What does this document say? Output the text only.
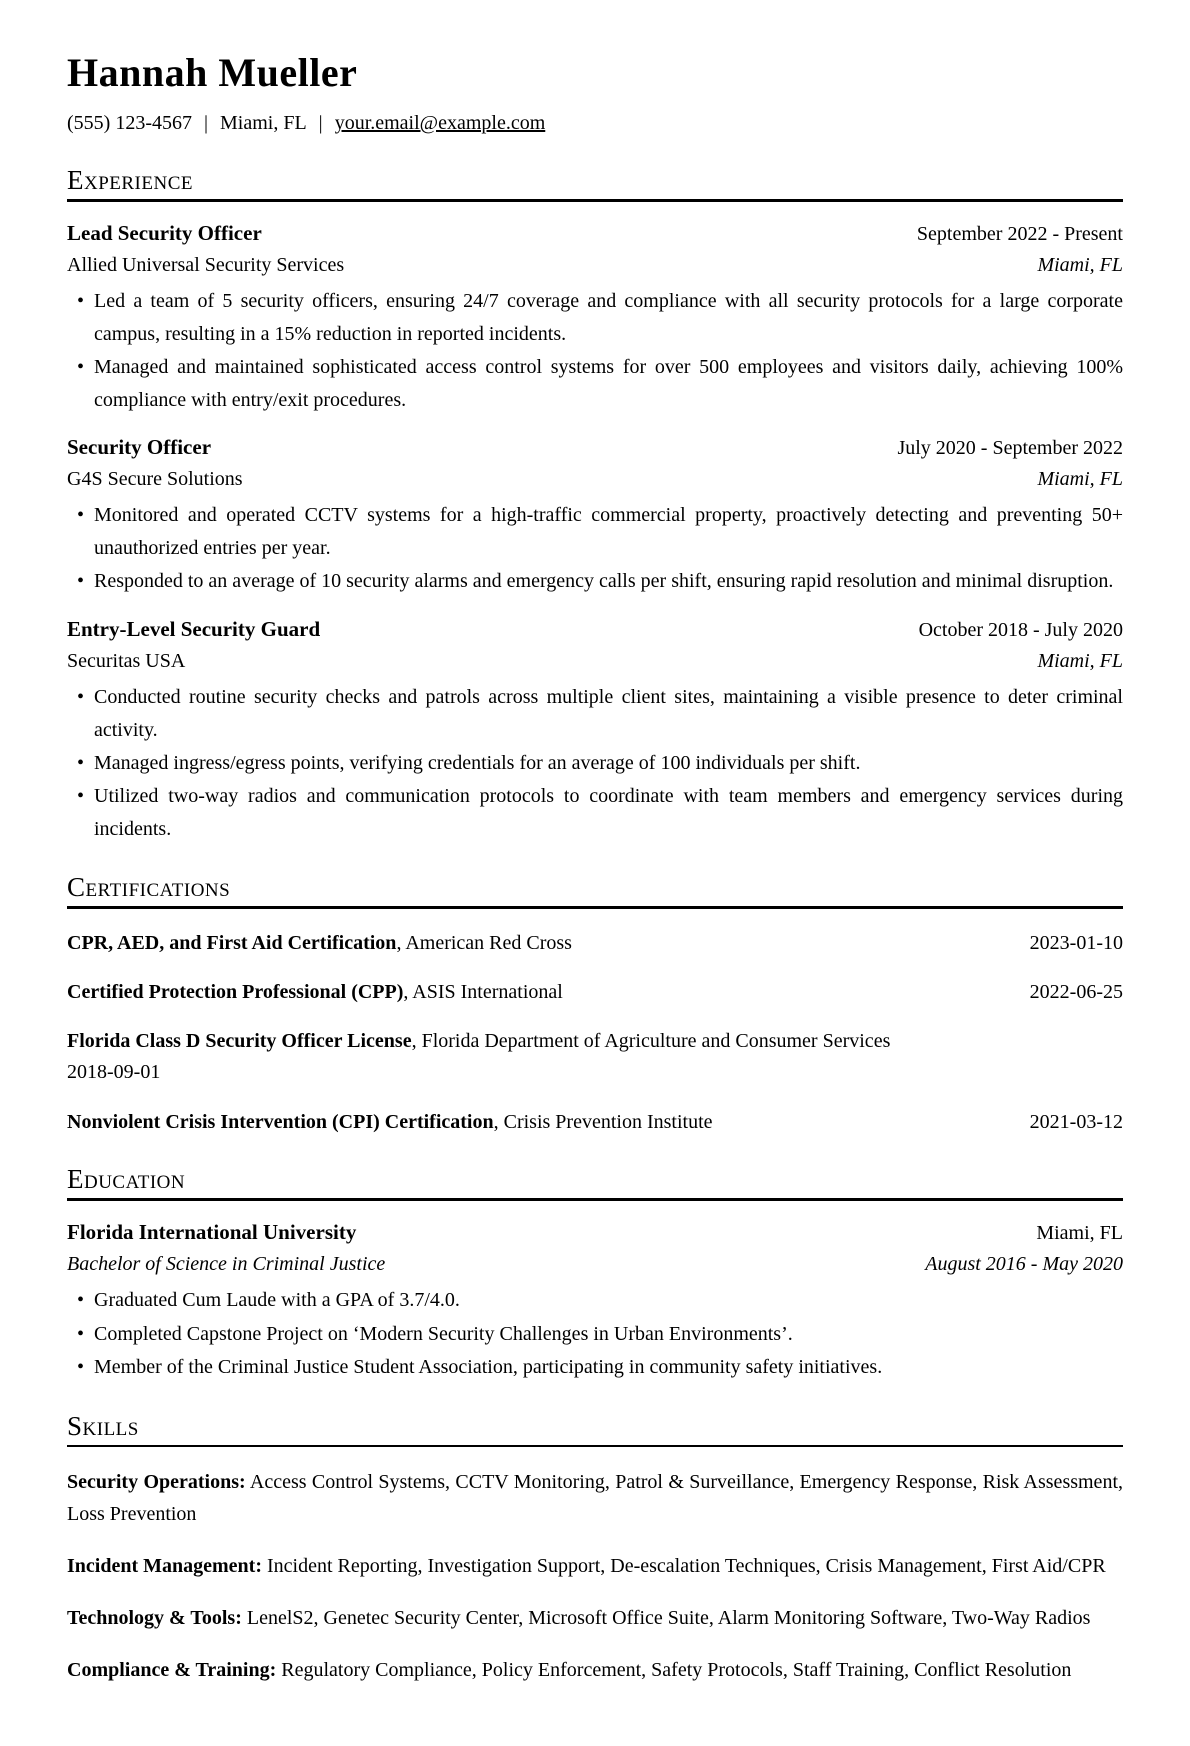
Hannah Mueller
(555) 123-4567 | Miami, FL | your.email@example.com
Experience
Lead Security Officer	September 2022 - Present
Allied Universal Security Services	Miami, FL
• Led a team of 5 security officers, ensuring 24/7 coverage and compliance with all security protocols for a large corporate campus, resulting in a 15% reduction in reported incidents.
• Managed and maintained sophisticated access control systems for over 500 employees and visitors daily, achieving 100% compliance with entry/exit procedures.
Security Officer	July 2020 - September 2022
G4S Secure Solutions	Miami, FL
• Monitored and operated CCTV systems for a high-traffic commercial property, proactively detecting and preventing 50+ unauthorized entries per year.
• Responded to an average of 10 security alarms and emergency calls per shift, ensuring rapid resolution and minimal disruption.
Entry-Level Security Guard	October 2018 - July 2020
Securitas USA	Miami, FL
• Conducted routine security checks and patrols across multiple client sites, maintaining a visible presence to deter criminal activity.
• Managed ingress/egress points, verifying credentials for an average of 100 individuals per shift.
• Utilized two-way radios and communication protocols to coordinate with team members and emergency services during incidents.
Certifications
CPR, AED, and First Aid Certification, American Red Cross	2023-01-10
Certified Protection Professional (CPP), ASIS International	2022-06-25
Florida Class D Security Officer License, Florida Department of Agriculture and Consumer Services
2018-09-01
Nonviolent Crisis Intervention (CPI) Certification, Crisis Prevention Institute	2021-03-12
Education
Florida International University	Miami, FL
Bachelor of Science in Criminal Justice	August 2016 - May 2020
• Graduated Cum Laude with a GPA of 3.7/4.0.
• Completed Capstone Project on ‘Modern Security Challenges in Urban Environments’.
• Member of the Criminal Justice Student Association, participating in community safety initiatives.
Skills

Security Operations: Access Control Systems, CCTV Monitoring, Patrol & Surveillance, Emergency Response, Risk Assessment, Loss Prevention

Incident Management: Incident Reporting, Investigation Support, De-escalation Techniques, Crisis Management, First Aid/CPR

Technology & Tools: LenelS2, Genetec Security Center, Microsoft Office Suite, Alarm Monitoring Software, Two-Way Radios

Compliance & Training: Regulatory Compliance, Policy Enforcement, Safety Protocols, Staff Training, Conflict Resolution
